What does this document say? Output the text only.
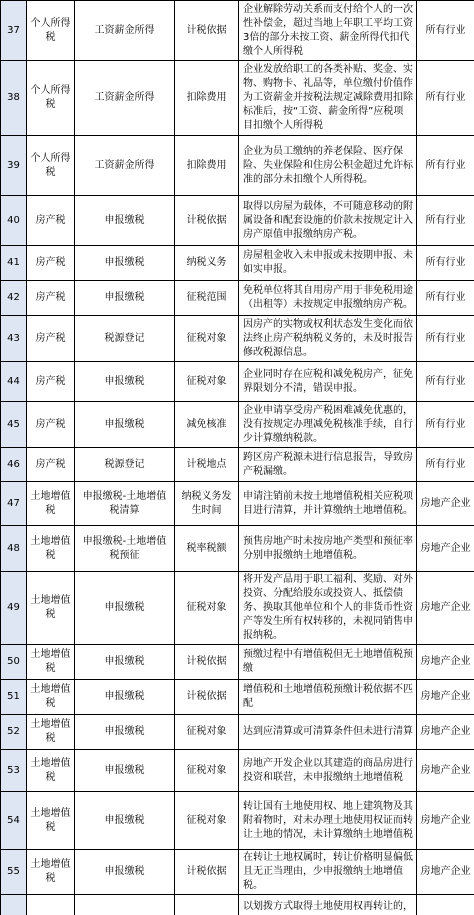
37	个人所得税	工资薪金所得	计税依据	企业解除劳动关系而支付给个人的一次性补偿金，超过当地上年职工平均工资3倍的部分未按工资、薪金所得代扣代缴个人所得税	所有行业
38	个人所得税	工资薪金所得	扣除费用	企业发放给职工的各类补贴、奖金、实物、购物卡、礼品等，单位缴付价值作为工资薪金并按税法规定减除费用扣除标准后，按“工资、薪金所得”应税项目扣缴个人所得税	所有行业
39	个人所得税	工资薪金所得	扣除费用	企业为员工缴纳的养老保险、医疗保险、失业保险和住房公积金超过允许标准的部分未扣缴个人所得税。	所有行业
40	房产税	申报缴税	计税依据	取得以房屋为载体，不可随意移动的附属设备和配套设施的价款未按规定计入房产原值申报缴纳房产税。	所有行业
41	房产税	申报缴税	纳税义务	房屋租金收入未申报或未按期申报、未如实申报。	所有行业
42	房产税	申报缴税	征税范围	免税单位将其自用房产用于非免税用途（出租等）未按规定申报缴纳房产税。	所有行业
43	房产税	税源登记	征税对象	因房产的实物或权利状态发生变化而依法终止房产税纳税义务的，未及时报告修改税源信息。	所有行业
44	房产税	申报缴税	征税对象	企业同时存在应税和减免税房产，征免界限划分不清，错误申报。	所有行业
45	房产税	申报缴税	减免核准	企业申请享受房产税困难减免优惠的，没有按规定办理减免税核准手续，自行少计算缴纳税款。	所有行业
46	房产税	税源登记	计税地点	跨区房产税源未进行信息报告，导致房产税漏缴。	所有行业
47	土地增值税	申报缴税-土地增值税清算	纳税义务发生时间	申请注销前未按土地增值税相关应税项目进行清算，并计算缴纳土地增值税。	房地产企业
48	土地增值税	申报缴税-土地增值税预征	税率税额	预售房地产时未按房地产类型和预征率分别申报缴纳土地增值税。	房地产企业
49	土地增值税	申报缴税	征税对象	将开发产品用于职工福利、奖励、对外投资、分配给股东或投资人、抵偿债务、换取其他单位和个人的非货币性资产等发生所有权转移的，未视同销售申报纳税。	房地产企业
50	土地增值税	申报缴税	计税依据	预缴过程中有增值税但无土地增值税预缴	房地产企业
51	土地增值税	申报缴税	计税依据	增值税和土地增值税预缴计税依据不匹配	房地产企业
52	土地增值税	申报缴税	征税对象	达到应清算或可清算条件但未进行清算	房地产企业
53	土地增值税	申报缴税	征税对象	房地产开发企业以其建造的商品房进行投资和联营，未申报缴纳土地增值税	房地产企业
54	土地增值税	申报缴税	征税对象	转让国有土地使用权、地上建筑物及其附着物时，对未办理土地使用权证而转让土地的情况，未计算缴纳土地增值税	房地产企业
55	土地增值税	申报缴税	计税依据	在转让土地权属时，转让价格明显偏低且无正当理由，少申报缴纳土地增值税。	房地产企业
				以划拨方式取得土地使用权再转让的，	
